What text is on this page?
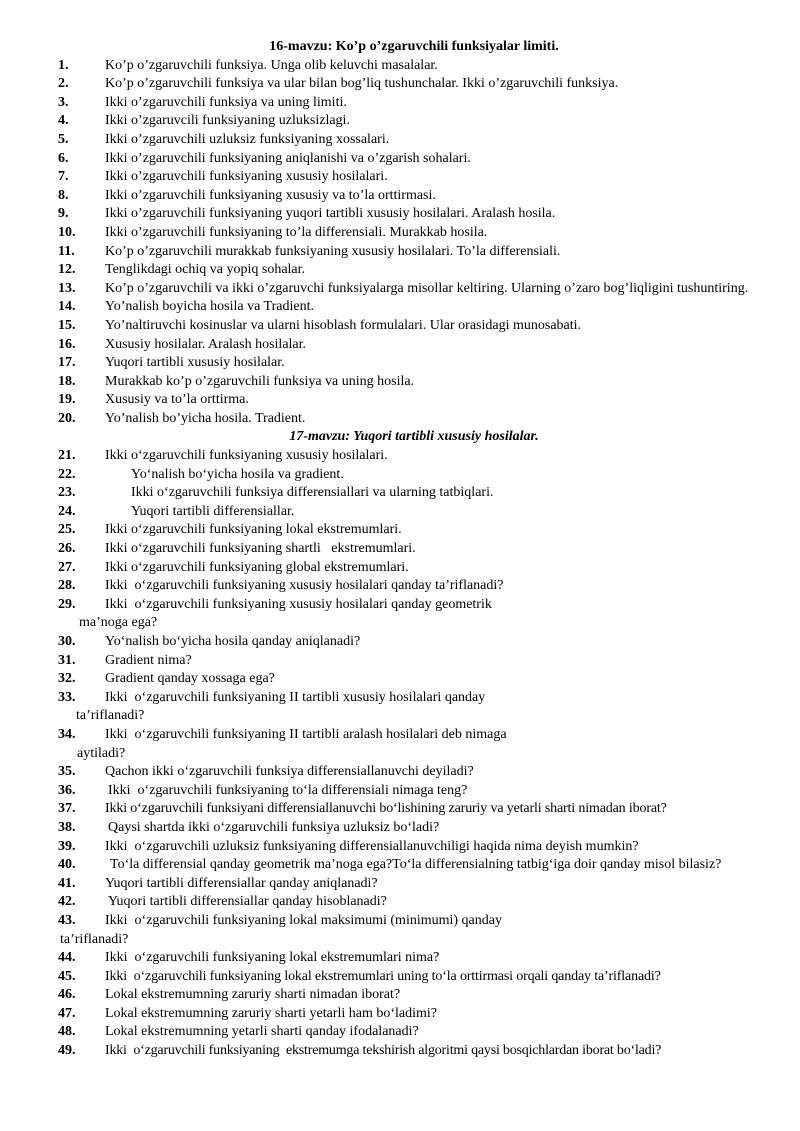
16-mavzu: Ko’p o’zgaruvchili funksiyalar limiti.
1.	Ko’p o’zgaruvchili funksiya. Unga olib keluvchi masalalar.
2.	Ko’p o’zgaruvchili funksiya va ular bilan bog’liq tushunchalar. Ikki o’zgaruvchili funksiya.
3.	Ikki o’zgaruvchili funksiya va uning limiti.
4.	Ikki o’zgaruvcili funksiyaning uzluksizlagi.
5.	Ikki o’zgaruvchili uzluksiz funksiyaning xossalari.
6.	Ikki o’zgaruvchili funksiyaning aniqlanishi va o’zgarish sohalari.
7.	Ikki o’zgaruvchili funksiyaning xususiy hosilalari.
8.	Ikki o’zgaruvchili funksiyaning xususiy va to’la orttirmasi.
9.	Ikki o’zgaruvchili funksiyaning yuqori tartibli xususiy hosilalari. Aralash hosila.
10. Ikki o’zgaruvchili funksiyaning to’la differensiali. Murakkab hosila.
11. Ko’p o’zgaruvchili murakkab funksiyaning xususiy hosilalari. To’la differensiali.
12. Tenglikdagi ochiq va yopiq sohalar.
13.	Ko’p o’zgaruvchili va ikki o’zgaruvchi funksiyalarga misollar keltiring. Ularning o’zaro bog’liqligini tushuntiring.
14. Yo’nalish boyicha hosila va Tradient.
15. Yo’naltiruvchi kosinuslar va ularni hisoblash formulalari. Ular orasidagi munosabati.
16. Xususiy hosilalar. Aralash hosilalar.
17. Yuqori tartibli xususiy hosilalar.
18. Murakkab ko’p o’zgaruvchili funksiya va uning hosila.
19. Xususiy va to’la orttirma.
20. Yo’nalish bo’yicha hosila. Tradient.
17-mavzu: Yuqori tartibli xususiy hosilalar.
21. Ikki o‘zgaruvchili funksiyaning xususiy hosilalari.
22.	Yo‘nalish bo‘yicha hosila va gradient.
23.	Ikki o‘zgaruvchili funksiya differensiallari va ularning tatbiqlari.
24.	Yuqori tartibli differensiallar.
25. Ikki o‘zgaruvchili funksiyaning lokal ekstremumlari.
26. Ikki o‘zgaruvchili funksiyaning shartli   ekstremumlari.
27. Ikki o‘zgaruvchili funksiyaning global ekstremumlari.
28. Ikki  o‘zgaruvchili funksiyaning xususiy hosilalari qanday ta’riflanadi?
29. Ikki  o‘zgaruvchili funksiyaning xususiy hosilalari qanday geometrik
ma’noga ega?
30. Yo‘nalish bo‘yicha hosila qanday aniqlanadi?
31. Gradient nima?
32. Gradient qanday xossaga ega?
33. Ikki  o‘zgaruvchili funksiyaning II tartibli xususiy hosilalari qanday
ta’riflanadi?
34. Ikki  o‘zgaruvchili funksiyaning II tartibli aralash hosilalari deb nimaga
aytiladi?
35. Qachon ikki o‘zgaruvchili funksiya differensiallanuvchi deyiladi?
36. Ikki  o‘zgaruvchili funksiyaning to‘la differensiali nimaga teng?
37. Ikki o‘zgaruvchili funksiyani differensiallanuvchi bo‘lishining zaruriy va yetarli sharti nimadan iborat?
38. Qaysi shartda ikki o‘zgaruvchili funksiya uzluksiz bo‘ladi?
39. Ikki  o‘zgaruvchili uzluksiz funksiyaning differensiallanuvchiligi haqida nima deyish mumkin?
40.	To‘la differensial qanday geometrik ma’noga ega?To‘la differensialning tatbig‘iga doir qanday misol bilasiz?
41. Yuqori tartibli differensiallar qanday aniqlanadi?
42. Yuqori tartibli differensiallar qanday hisoblanadi?
43. Ikki  o‘zgaruvchili funksiyaning lokal maksimumi (minimumi) qanday
ta’riflanadi?
44. Ikki  o‘zgaruvchili funksiyaning lokal ekstremumlari nima?
45. Ikki  o‘zgaruvchili funksiyaning lokal ekstremumlari uning to‘la orttirmasi orqali qanday ta’riflanadi?
46. Lokal ekstremumning zaruriy sharti nimadan iborat?
47. Lokal ekstremumning zaruriy sharti yetarli ham bo‘ladimi?
48. Lokal ekstremumning yetarli sharti qanday ifodalanadi?
49. Ikki  o‘zgaruvchili funksiyaning  ekstremumga tekshirish algoritmi qaysi bosqichlardan iborat bo‘ladi?
